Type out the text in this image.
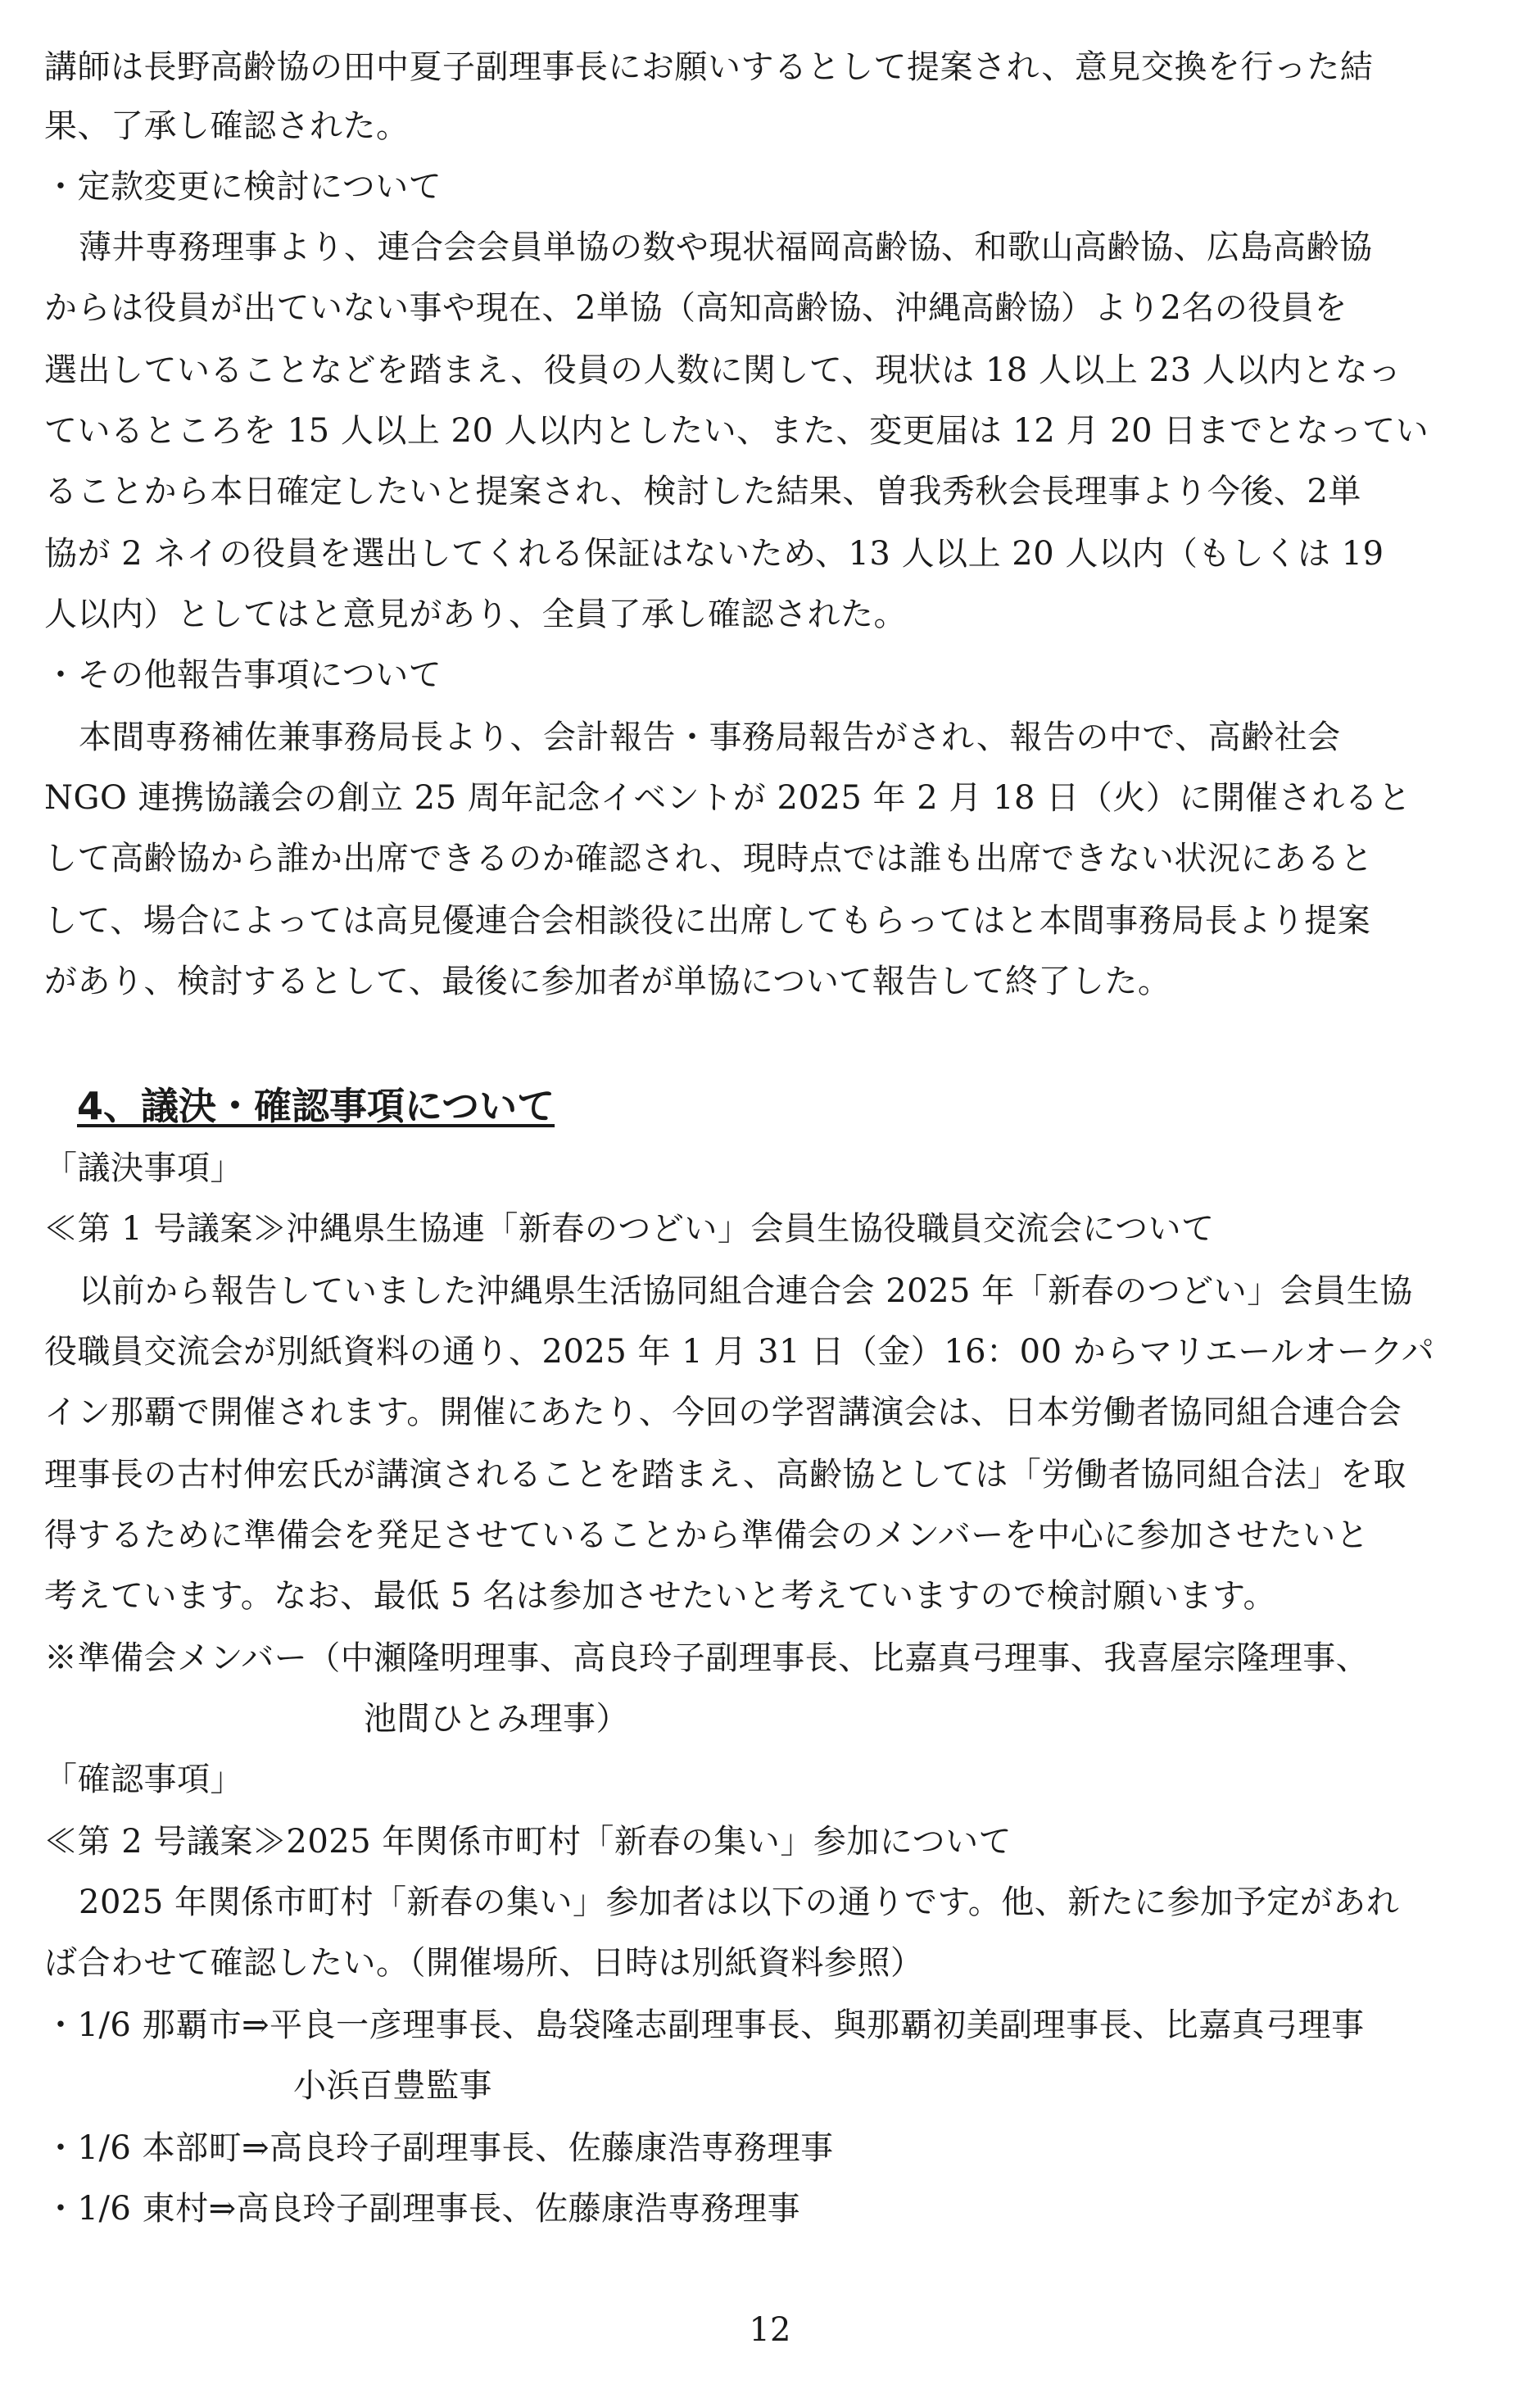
講師は長野高齢協の田中夏子副理事長にお願いするとして提案され、意見交換を行った結
果、了承し確認された。
・定款変更に検討について
薄井専務理事より、連合会会員単協の数や現状福岡高齢協、和歌山高齢協、広島高齢協
からは役員が出ていない事や現在、2単協（高知高齢協、沖縄高齢協）より2名の役員を
選出していることなどを踏まえ、役員の人数に関して、現状は 18 人以上 23 人以内となっ
ているところを 15 人以上 20 人以内としたい、また、変更届は 12 月 20 日までとなってい
ることから本日確定したいと提案され、検討した結果、曽我秀秋会長理事より今後、2単
協が 2 ネイの役員を選出してくれる保証はないため、13 人以上 20 人以内（もしくは 19
人以内）としてはと意見があり、全員了承し確認された。
・その他報告事項について
本間専務補佐兼事務局長より、会計報告・事務局報告がされ、報告の中で、高齢社会
NGO 連携協議会の創立 25 周年記念イベントが 2025 年 2 月 18 日（火）に開催されると
して高齢協から誰か出席できるのか確認され、現時点では誰も出席できない状況にあると
して、場合によっては高見優連合会相談役に出席してもらってはと本間事務局長より提案
があり、検討するとして、最後に参加者が単協について報告して終了した。
4、議決・確認事項について
「議決事項」
≪第 1 号議案≫沖縄県生協連「新春のつどい」会員生協役職員交流会について
以前から報告していました沖縄県生活協同組合連合会 2025 年「新春のつどい」会員生協
役職員交流会が別紙資料の通り、2025 年 1 月 31 日（金）16：00 からマリエールオークパ
イン那覇で開催されます。開催にあたり、今回の学習講演会は、日本労働者協同組合連合会
理事長の古村伸宏氏が講演されることを踏まえ、高齢協としては「労働者協同組合法」を取
得するために準備会を発足させていることから準備会のメンバーを中心に参加させたいと
考えています。なお、最低 5 名は参加させたいと考えていますので検討願います。
※準備会メンバー（中瀬隆明理事、高良玲子副理事長、比嘉真弓理事、我喜屋宗隆理事、
池間ひとみ理事）
「確認事項」
≪第 2 号議案≫2025 年関係市町村「新春の集い」参加について
2025 年関係市町村「新春の集い」参加者は以下の通りです。他、新たに参加予定があれ
ば合わせて確認したい。（開催場所、日時は別紙資料参照）
・1/6 那覇市⇒平良一彦理事長、島袋隆志副理事長、與那覇初美副理事長、比嘉真弓理事
小浜百豊監事
・1/6 本部町⇒高良玲子副理事長、佐藤康浩専務理事
・1/6 東村⇒高良玲子副理事長、佐藤康浩専務理事
12
